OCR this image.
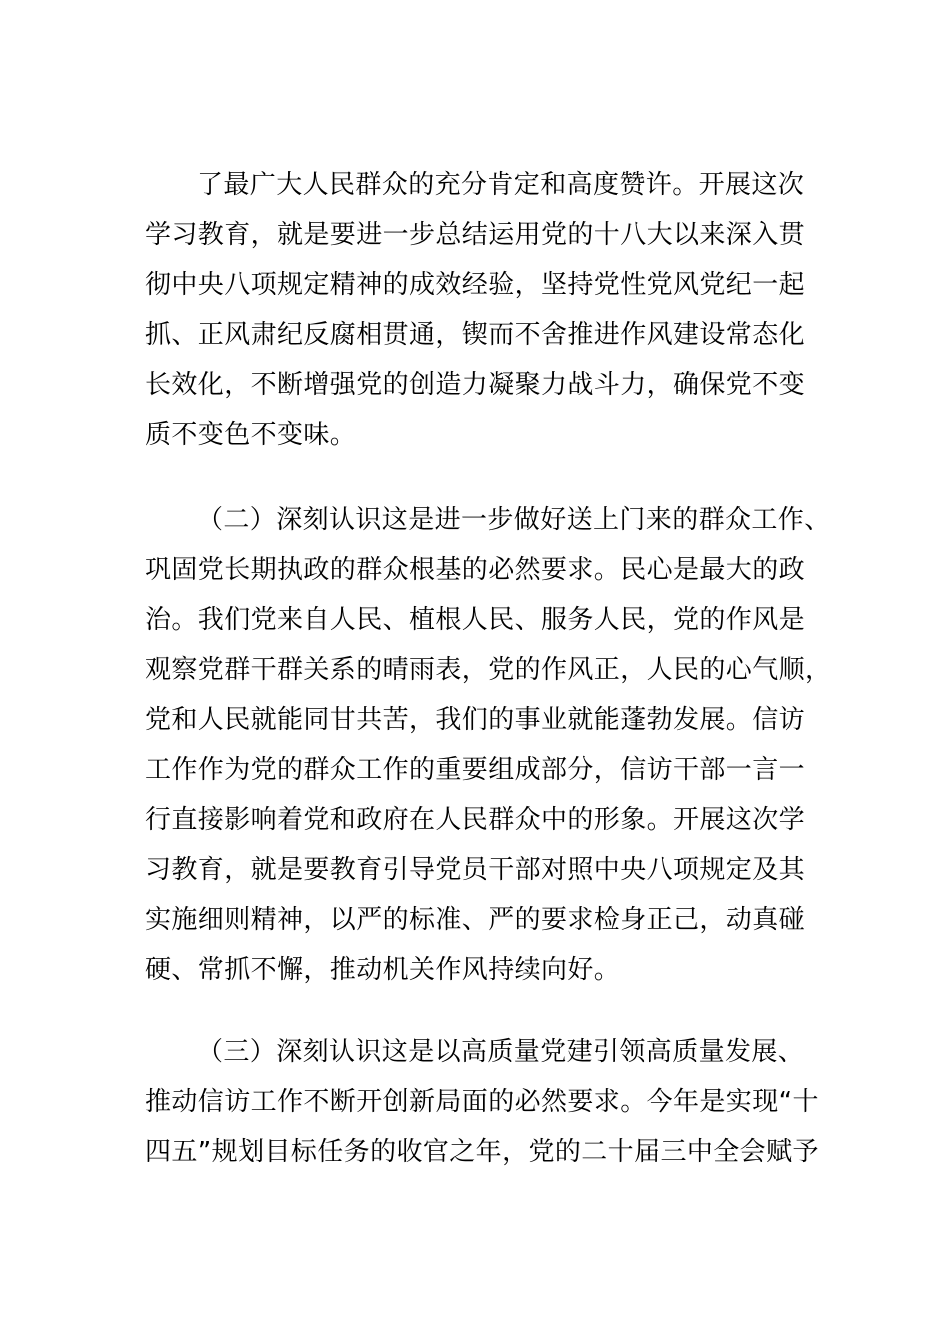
了最广大人民群众的充分肯定和高度赞许。开展这次
学习教育，就是要进一步总结运用党的十八大以来深入贯
彻中央八项规定精神的成效经验，坚持党性党风党纪一起
抓、正风肃纪反腐相贯通，锲而不舍推进作风建设常态化
长效化，不断增强党的创造力凝聚力战斗力，确保党不变
质不变色不变味。
（二）深刻认识这是进一步做好送上门来的群众工作、
巩固党长期执政的群众根基的必然要求。民心是最大的政
治。我们党来自人民、植根人民、服务人民，党的作风是
观察党群干群关系的晴雨表，党的作风正，人民的心气顺，
党和人民就能同甘共苦，我们的事业就能蓬勃发展。信访
工作作为党的群众工作的重要组成部分，信访干部一言一
行直接影响着党和政府在人民群众中的形象。开展这次学
习教育，就是要教育引导党员干部对照中央八项规定及其
实施细则精神，以严的标准、严的要求检身正己，动真碰
硬、常抓不懈，推动机关作风持续向好。
（三）深刻认识这是以高质量党建引领高质量发展、
推动信访工作不断开创新局面的必然要求。今年是实现“十
四五”规划目标任务的收官之年，党的二十届三中全会赋予
